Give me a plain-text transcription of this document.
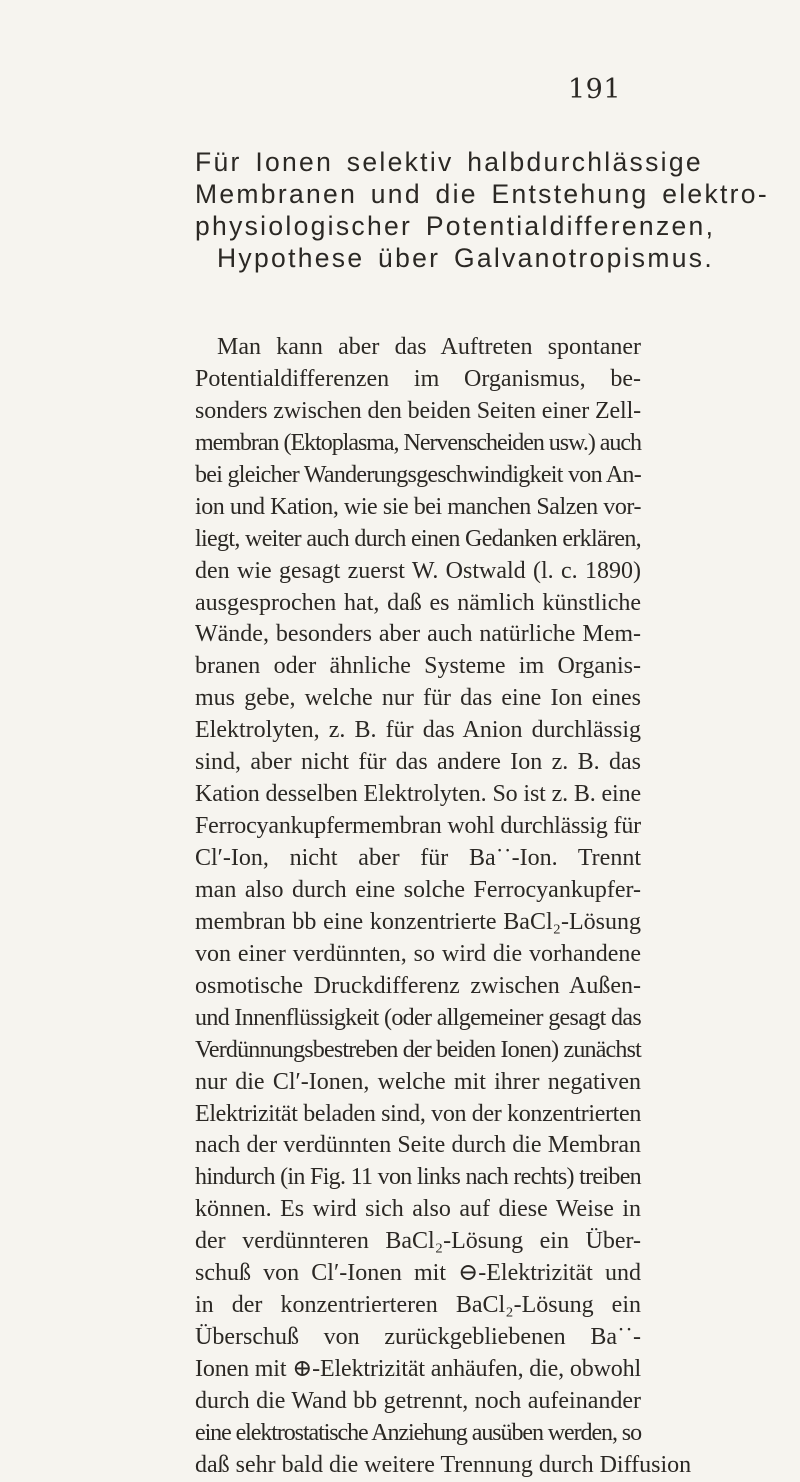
191
Für Ionen selektiv halbdurchlässige
Membranen und die Entstehung elektro-
physiologischer Potentialdifferenzen,
Hypothese über Galvanotropismus.
Man kann aber das Auftreten spontaner
Potentialdifferenzen im Organismus, be-
sonders zwischen den beiden Seiten einer Zell-
membran (Ektoplasma, Nervenscheiden usw.) auch
bei gleicher Wanderungsgeschwindigkeit von An-
ion und Kation, wie sie bei manchen Salzen vor-
liegt, weiter auch durch einen Gedanken erklären,
den wie gesagt zuerst W. Ostwald (l. c. 1890)
ausgesprochen hat, daß es nämlich künstliche
Wände, besonders aber auch natürliche Mem-
branen oder ähnliche Systeme im Organis-
mus gebe, welche nur für das eine Ion eines
Elektrolyten, z. B. für das Anion durchlässig
sind, aber nicht für das andere Ion z. B. das
Kation desselben Elektrolyten. So ist z. B. eine
Ferrocyankupfermembran wohl durchlässig für
Cl′-Ion, nicht aber für Ba˙˙-Ion. Trennt
man also durch eine solche Ferrocyankupfer-
membran bb eine konzentrierte BaCl₂-Lösung
von einer verdünnten, so wird die vorhandene
osmotische Druckdifferenz zwischen Außen-
und Innenflüssigkeit (oder allgemeiner gesagt das
Verdünnungsbestreben der beiden Ionen) zunächst
nur die Cl′-Ionen, welche mit ihrer negativen
Elektrizität beladen sind, von der konzentrierten
nach der verdünnten Seite durch die Membran
hindurch (in Fig. 11 von links nach rechts) treiben
können. Es wird sich also auf diese Weise in
der verdünnteren BaCl₂-Lösung ein Über-
schuß von Cl′-Ionen mit ⊖-Elektrizität und
in der konzentrierteren BaCl₂-Lösung ein
Überschuß von zurückgebliebenen Ba˙˙-
Ionen mit ⊕-Elektrizität anhäufen, die, obwohl
durch die Wand bb getrennt, noch aufeinander
eine elektrostatische Anziehung ausüben werden, so
daß sehr bald die weitere Trennung durch Diffusion
